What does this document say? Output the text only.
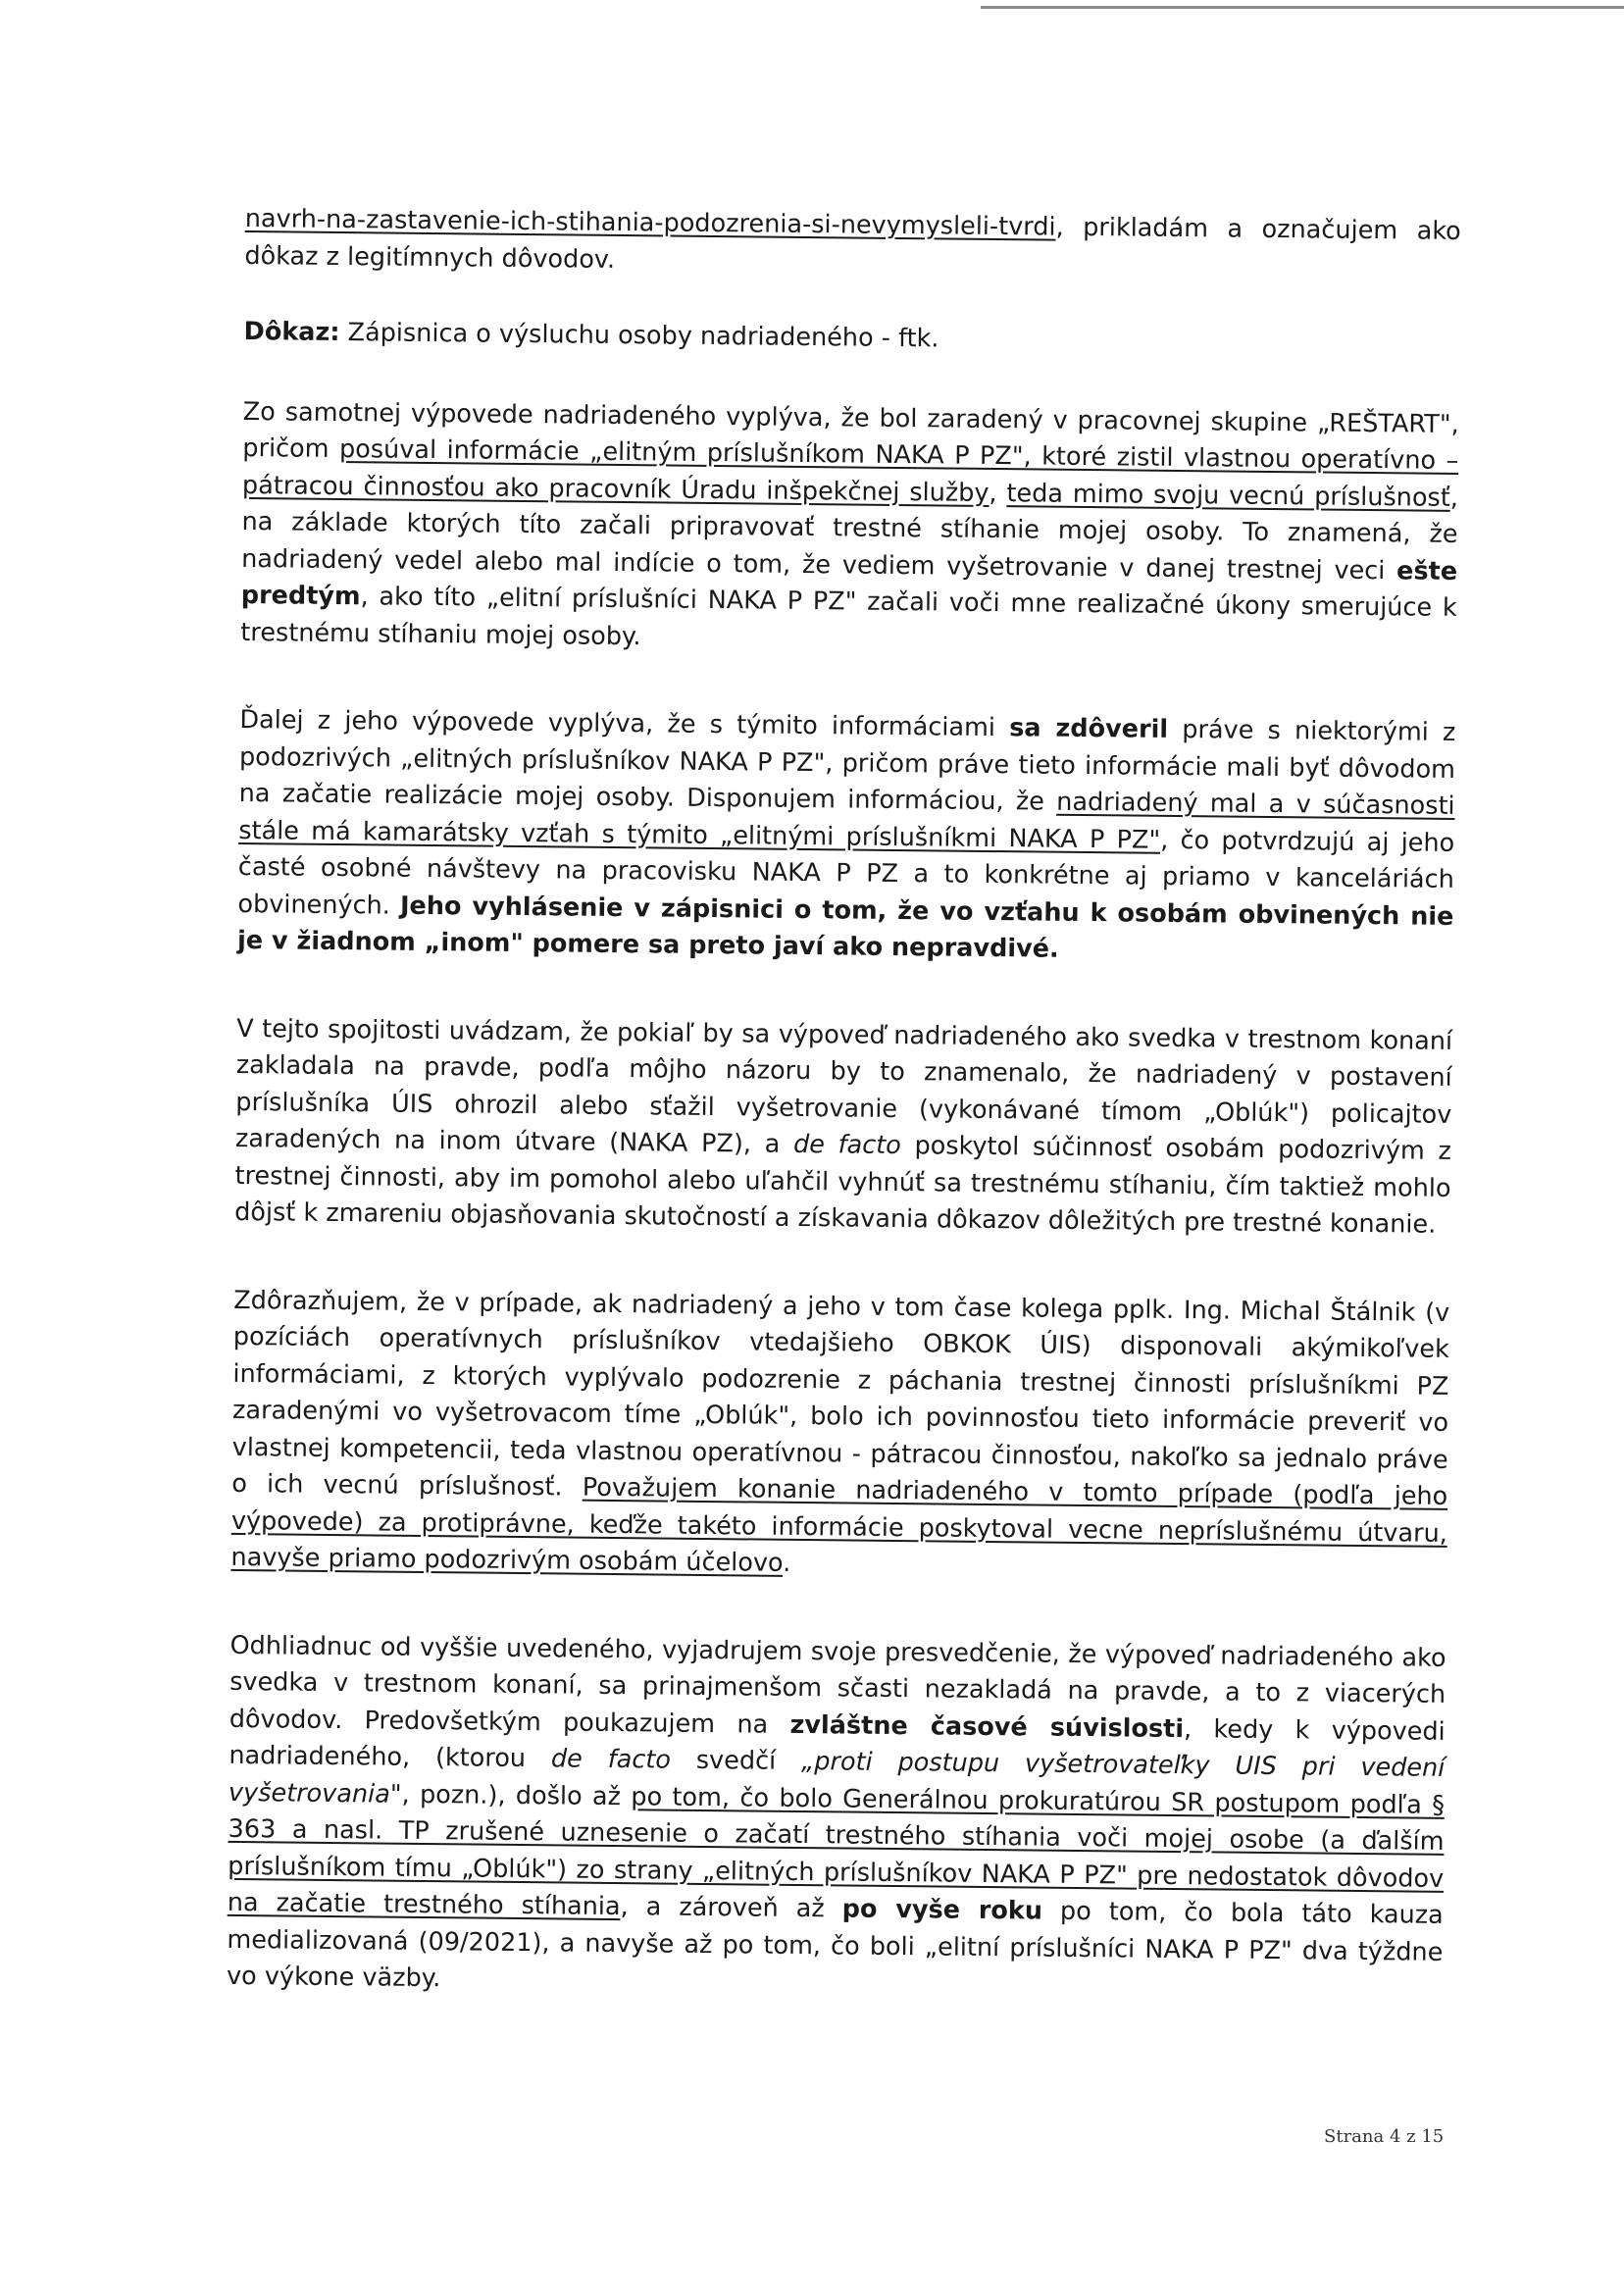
navrh-na-zastavenie-ich-stihania-podozrenia-si-nevymysleli-tvrdi, prikladám a označujem ako dôkaz z legitímnych dôvodov.

Dôkaz: Zápisnica o výsluchu osoby nadriadeného - ftk.

Zo samotnej výpovede nadriadeného vyplýva, že bol zaradený v pracovnej skupine „REŠTART", pričom posúval informácie „elitným príslušníkom NAKA P PZ", ktoré zistil vlastnou operatívno – pátracou činnosťou ako pracovník Úradu inšpekčnej služby, teda mimo svoju vecnú príslušnosť, na základe ktorých títo začali pripravovať trestné stíhanie mojej osoby. To znamená, že nadriadený vedel alebo mal indície o tom, že vediem vyšetrovanie v danej trestnej veci ešte predtým, ako títo „elitní príslušníci NAKA P PZ" začali voči mne realizačné úkony smerujúce k trestnému stíhaniu mojej osoby.

Ďalej z jeho výpovede vyplýva, že s týmito informáciami sa zdôveril práve s niektorými z podozrivých „elitných príslušníkov NAKA P PZ", pričom práve tieto informácie mali byť dôvodom na začatie realizácie mojej osoby. Disponujem informáciou, že nadriadený mal a v súčasnosti stále má kamarátsky vzťah s týmito „elitnými príslušníkmi NAKA P PZ", čo potvrdzujú aj jeho časté osobné návštevy na pracovisku NAKA P PZ a to konkrétne aj priamo v kanceláriách obvinených. Jeho vyhlásenie v zápisnici o tom, že vo vzťahu k osobám obvinených nie je v žiadnom „inom" pomere sa preto javí ako nepravdivé.

V tejto spojitosti uvádzam, že pokiaľ by sa výpoveď nadriadeného ako svedka v trestnom konaní zakladala na pravde, podľa môjho názoru by to znamenalo, že nadriadený v postavení príslušníka ÚIS ohrozil alebo sťažil vyšetrovanie (vykonávané tímom „Oblúk") policajtov zaradených na inom útvare (NAKA PZ), a de facto poskytol súčinnosť osobám podozrivým z trestnej činnosti, aby im pomohol alebo uľahčil vyhnúť sa trestnému stíhaniu, čím taktiež mohlo dôjsť k zmareniu objasňovania skutočností a získavania dôkazov dôležitých pre trestné konanie.

Zdôrazňujem, že v prípade, ak nadriadený a jeho v tom čase kolega pplk. Ing. Michal Štálnik (v pozíciách operatívnych príslušníkov vtedajšieho OBKOK ÚIS) disponovali akýmikoľvek informáciami, z ktorých vyplývalo podozrenie z páchania trestnej činnosti príslušníkmi PZ zaradenými vo vyšetrovacom tíme „Oblúk", bolo ich povinnosťou tieto informácie preveriť vo vlastnej kompetencii, teda vlastnou operatívnou - pátracou činnosťou, nakoľko sa jednalo práve o ich vecnú príslušnosť. Považujem konanie nadriadeného v tomto prípade (podľa jeho výpovede) za protiprávne, keďže takéto informácie poskytoval vecne nepríslušnému útvaru, navyše priamo podozrivým osobám účelovo.

Odhliadnuc od vyššie uvedeného, vyjadrujem svoje presvedčenie, že výpoveď nadriadeného ako svedka v trestnom konaní, sa prinajmenšom sčasti nezakladá na pravde, a to z viacerých dôvodov. Predovšetkým poukazujem na zvláštne časové súvislosti, kedy k výpovedi nadriadeného, (ktorou de facto svedčí „proti postupu vyšetrovateľky UIS pri vedení vyšetrovania", pozn.), došlo až po tom, čo bolo Generálnou prokuratúrou SR postupom podľa § 363 a nasl. TP zrušené uznesenie o začatí trestného stíhania voči mojej osobe (a ďalším príslušníkom tímu „Oblúk") zo strany „elitných príslušníkov NAKA P PZ" pre nedostatok dôvodov na začatie trestného stíhania, a zároveň až po vyše roku po tom, čo bola táto kauza medializovaná (09/2021), a navyše až po tom, čo boli „elitní príslušníci NAKA P PZ" dva týždne vo výkone väzby.

Strana 4 z 15
